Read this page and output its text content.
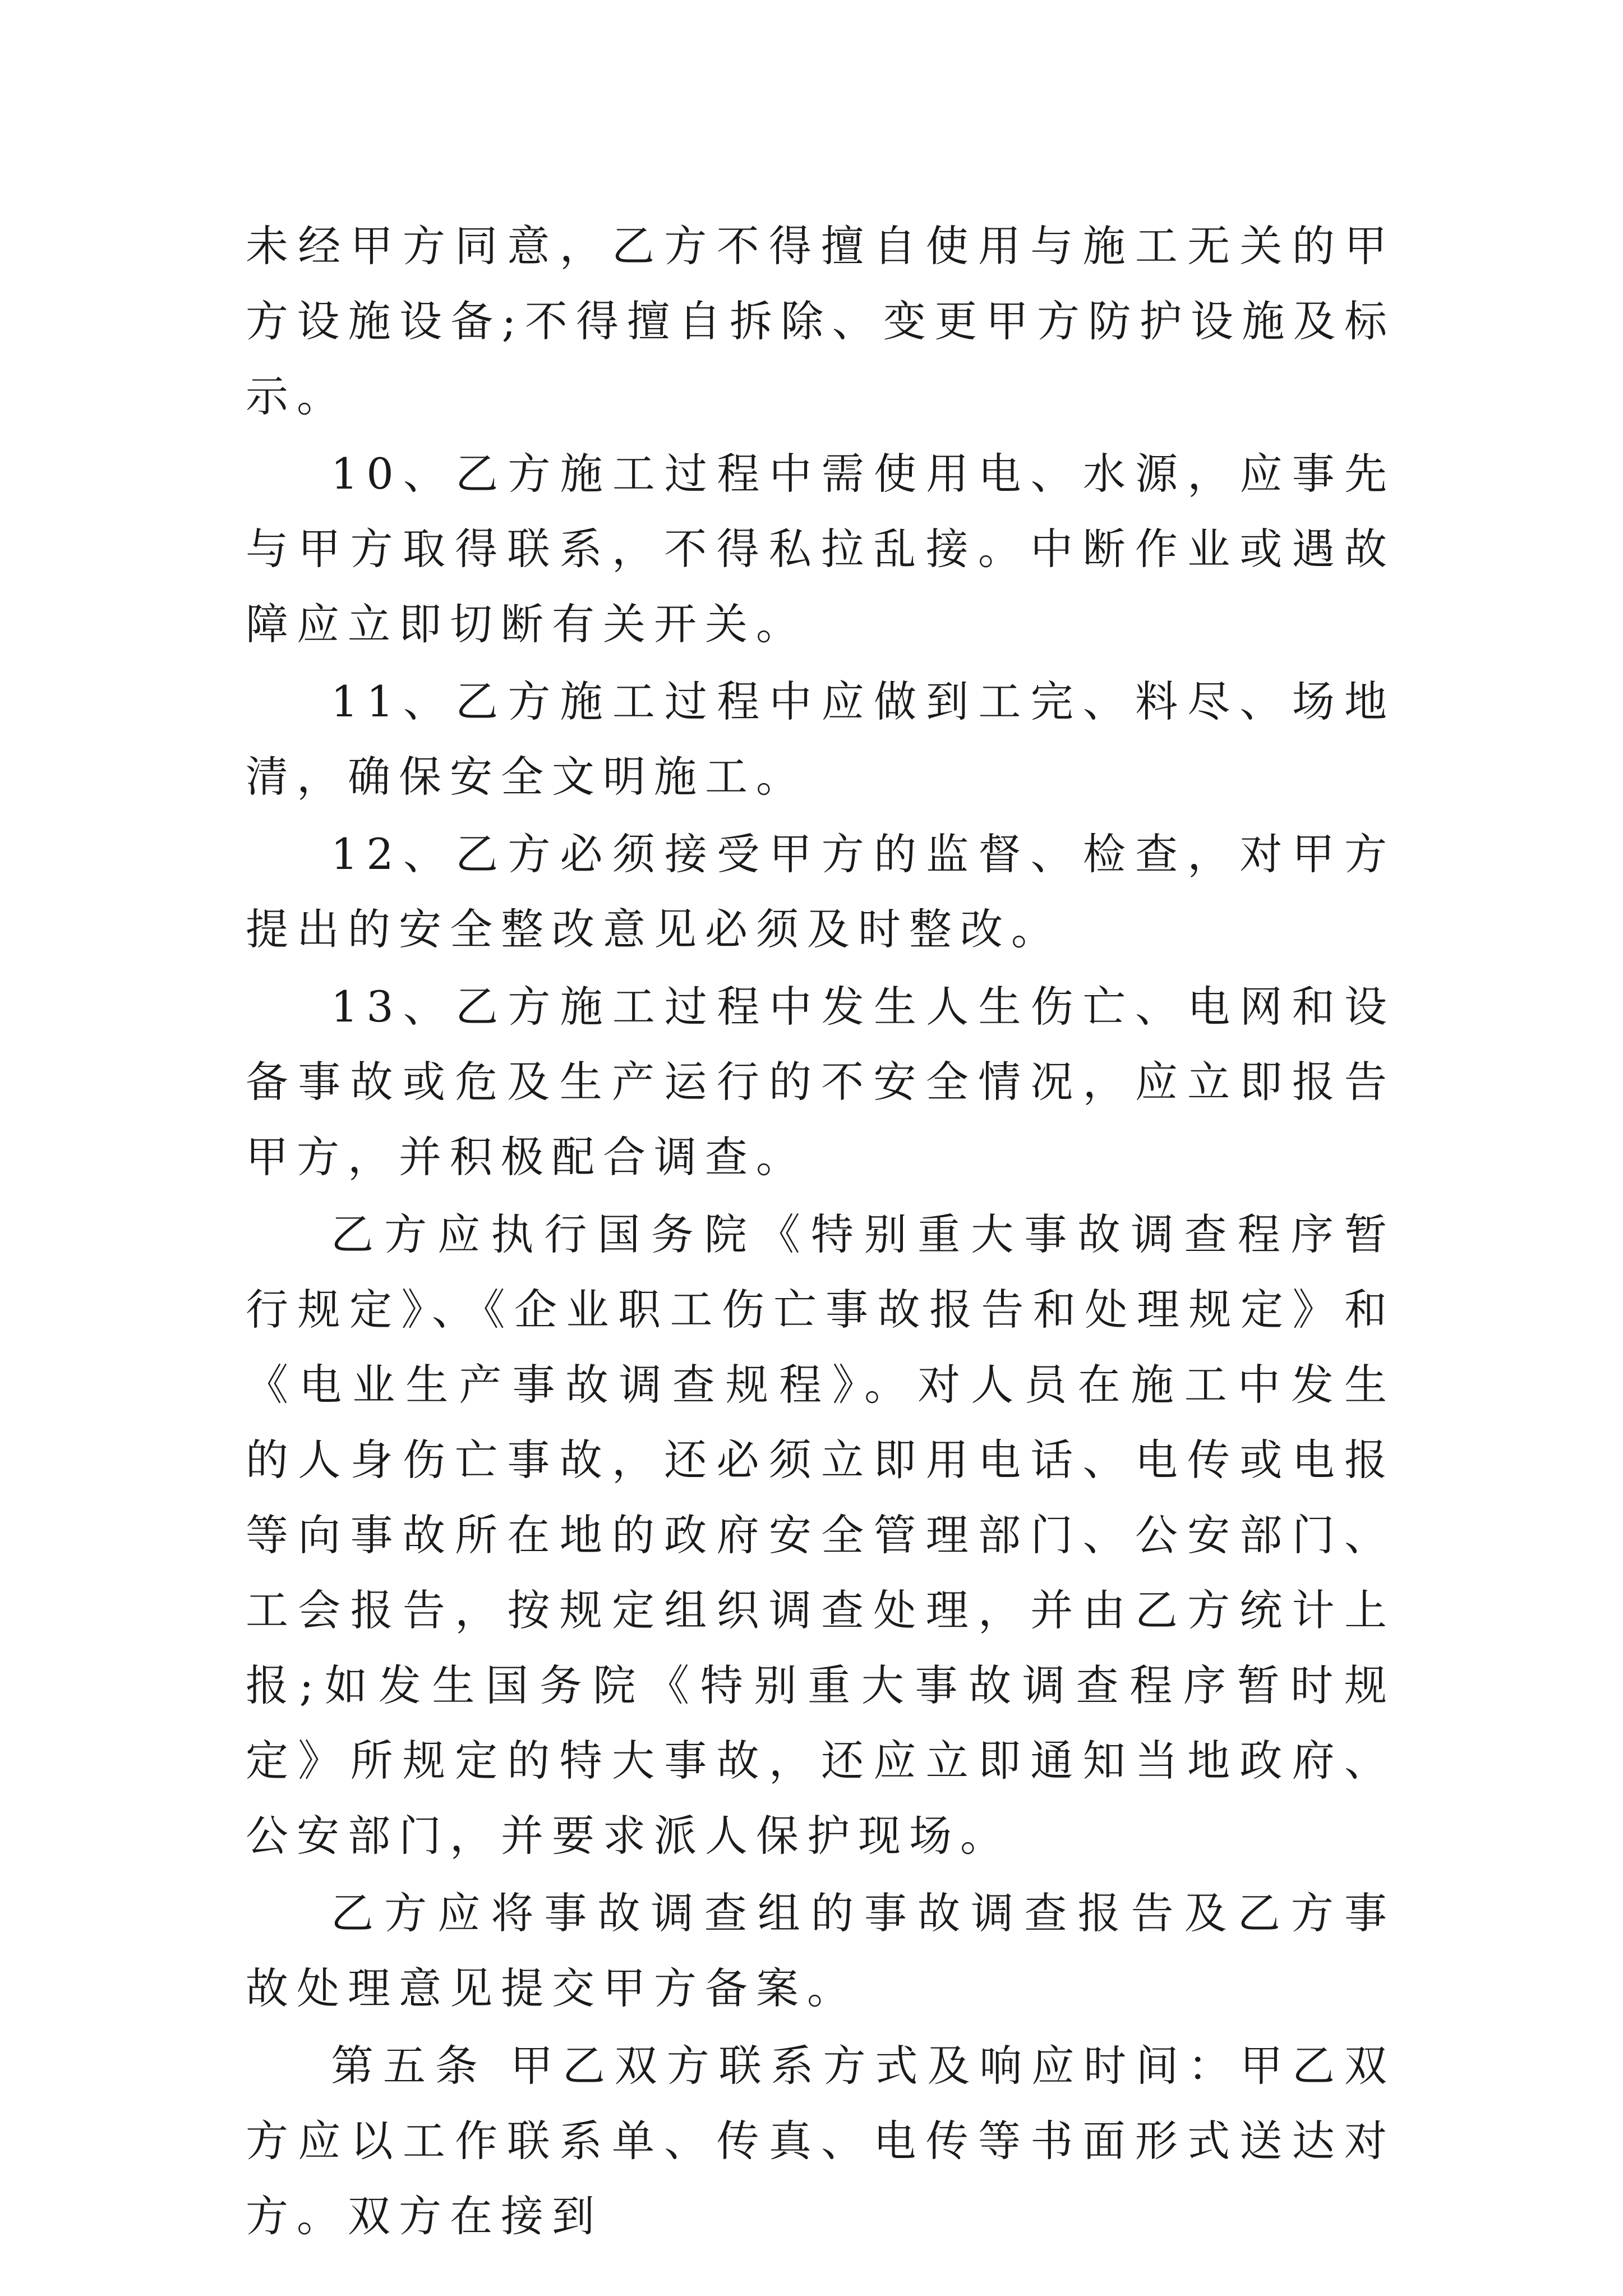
未经甲方同意，乙方不得擅自使用与施工无关的甲方设施设备;不得擅自拆除、变更甲方防护设施及标示。

10、乙方施工过程中需使用电、水源，应事先与甲方取得联系，不得私拉乱接。中断作业或遇故障应立即切断有关开关。

11、乙方施工过程中应做到工完、料尽、场地清，确保安全文明施工。

12、乙方必须接受甲方的监督、检查，对甲方提出的安全整改意见必须及时整改。

13、乙方施工过程中发生人生伤亡、电网和设备事故或危及生产运行的不安全情况，应立即报告甲方，并积极配合调查。

乙方应执行国务院《特别重大事故调查程序暂行规定》、《企业职工伤亡事故报告和处理规定》和《电业生产事故调查规程》。对人员在施工中发生的人身伤亡事故，还必须立即用电话、电传或电报等向事故所在地的政府安全管理部门、公安部门、工会报告，按规定组织调查处理，并由乙方统计上报;如发生国务院《特别重大事故调查程序暂时规定》所规定的特大事故，还应立即通知当地政府、公安部门，并要求派人保护现场。

乙方应将事故调查组的事故调查报告及乙方事故处理意见提交甲方备案。

第五条 甲乙双方联系方式及响应时间：甲乙双方应以工作联系单、传真、电传等书面形式送达对方。双方在接到
